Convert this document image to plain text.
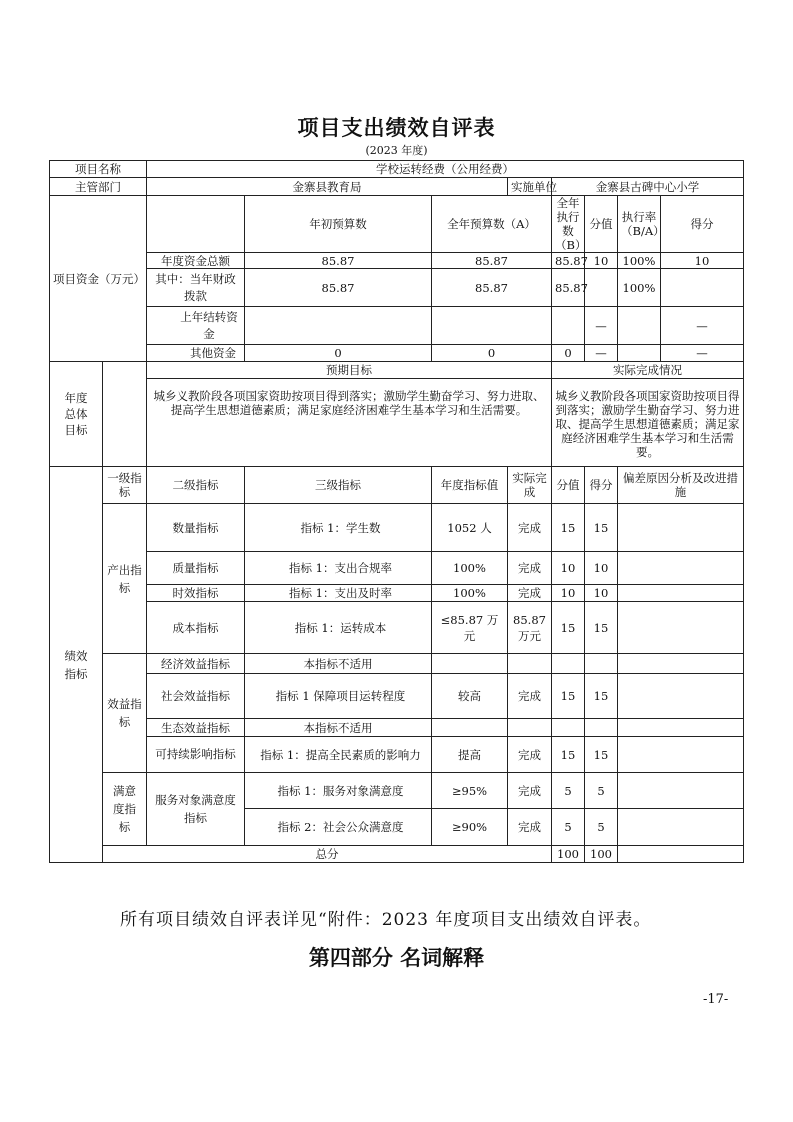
项目支出绩效自评表
(2023 年度)
项目名称		学校运转经费（公用经费）							
主管部门		金寨县教育局			实施单位	金寨县古碑中心小学			
项目资金（万元）			年初预算数	全年预算数（A）		全年执行数（B）	分值	执行率（B/A）	得分
		年度资金总额	85.87	85.87		85.87	10	100%	10
		其中：当年财政拨款	85.87	85.87		85.87		100%	
		上年结转资金					—		—
		其他资金	0	0		0	—		—
年度总体目标		预期目标				实际完成情况			
		城乡义教阶段各项国家资助按项目得到落实；激励学生勤奋学习、努力进取、提高学生思想道德素质；满足家庭经济困难学生基本学习和生活需要。				城乡义教阶段各项国家资助按项目得到落实；激励学生勤奋学习、努力进取、提高学生思想道德素质；满足家庭经济困难学生基本学习和生活需要。			
绩效指标	一级指标	二级指标	三级指标	年度指标值	实际完成	分值	得分	偏差原因分析及改进措施	
	产出指标	数量指标	指标 1：学生数	1052 人	完成	15	15		
		质量指标	指标 1：支出合规率	100%	完成	10	10		
		时效指标	指标 1：支出及时率	100%	完成	10	10		
		成本指标	指标 1：运转成本	≤85.87 万元	85.87 万元	15	15		
	效益指标	经济效益指标	本指标不适用						
		社会效益指标	指标 1 保障项目运转程度	较高	完成	15	15		
		生态效益指标	本指标不适用						
		可持续影响指标	指标 1：提高全民素质的影响力	提高	完成	15	15		
	满意度指标	服务对象满意度指标	指标 1：服务对象满意度	≥95%	完成	5	5		
			指标 2：社会公众满意度	≥90%	完成	5	5		
	总分					100	100		
所有项目绩效自评表详见“附件：2023 年度项目支出绩效自评表。
第四部分 名词解释
-17-
